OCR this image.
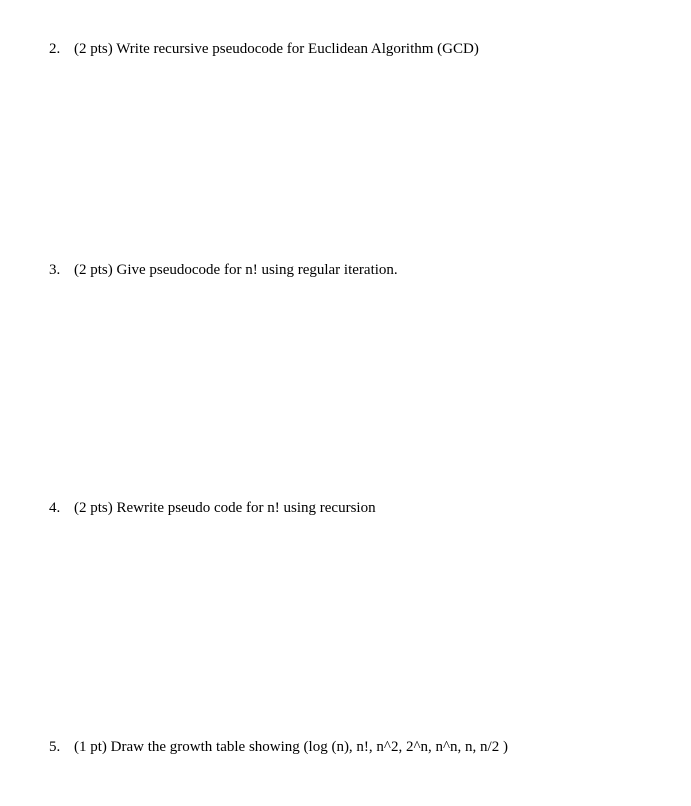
2. (2 pts) Write recursive pseudocode for Euclidean Algorithm (GCD)
3. (2 pts) Give pseudocode for n! using regular iteration.
4. (2 pts) Rewrite pseudo code for n! using recursion
5. (1 pt) Draw the growth table showing (log (n), n!, n^2, 2^n, n^n, n, n/2 )
